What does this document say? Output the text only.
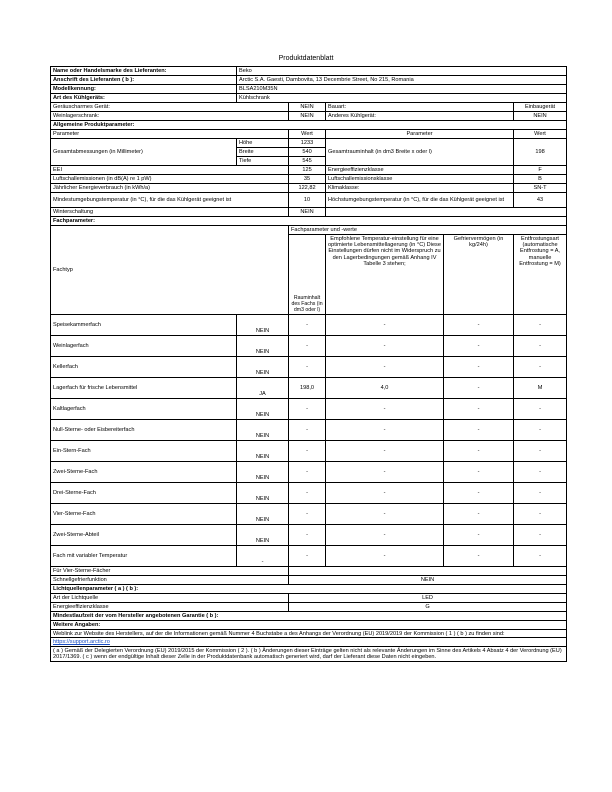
Produktdatenblatt
Name oder Handelsmarke des Lieferanten:	Beko				
Anschrift des Lieferanten ( b ):	Arctic S.A. Gaesti, Dambovita, 13 Decembrie Street, No 215, Romania				
Modellkennung:	BLSA210M35N				
Art des Kühlgeräts:	Kühlschrank				
Geräuscharmes Gerät:		NEIN	Bauart:		Einbaugerät
Weinlagerschrank:		NEIN	Anderes Kühlgerät:		NEIN
Allgemeine Produktparameter:					
Parameter		Wert	Parameter		Wert
Gesamtabmessungen (in Millimeter)	Höhe	1233	Gesamtrauminhalt (in dm3 Breite x oder l)		198
	Breite	540			
	Tiefe	545			
EEI		125	Energieeffizienzklasse		F
Luftschallemissionen (in dB(A) re 1 pW)		35	Luftschallemissionsklasse		B
Jährlicher Energieverbrauch (in kWh/a)		122,82	Klimaklasse:		SN-T
Mindestumgebungstemperatur (in °C), für die das Kühlgerät geeignet ist		10	Höchstumgebungstemperatur (in °C), für die das Kühlgerät geeignet ist		43
Winterschaltung		NEIN			
Fachparameter:					
Fachtyp		Fachparameter und -werte			
		Rauminhalt des Fachs (in dm3 oder l)	Empfohlene Temperatur-einstellung für eine optimierte Lebensmittellagerung (in °C) Diese Einstellungen dürfen nicht im Widerspruch zu den Lagerbedingungen gemäß Anhang IV Tabelle 3 stehen;	Gefriervermögen (in kg/24h)	Entfrostungsart (automatische Entfrostung = A, manuelle Entfrostung = M)
Speisekammerfach	NEIN	-	-	-	-
Weinlagerfach	NEIN	-	-	-	-
Kellerfach	NEIN	-	-	-	-
Lagerfach für frische Lebensmittel	JA	198,0	4,0	-	M
Kaltlagerfach	NEIN	-	-	-	-
Null-Sterne- oder Eisbereiterfach	NEIN	-	-	-	-
Ein-Stern-Fach	NEIN	-	-	-	-
Zwei-Sterne-Fach	NEIN	-	-	-	-
Drei-Sterne-Fach	NEIN	-	-	-	-
Vier-Sterne-Fach	NEIN	-	-	-	-
Zwei-Sterne-Abteil	NEIN	-	-	-	-
Fach mit variabler Temperatur	-	-	-	-	-
Für Vier-Sterne-Fächer					
Schnellgefrierfunktion		NEIN			
Lichtquellenparameter ( a ) ( b ):					
Art der Lichtquelle		LED			
Energieeffizienzklasse		G			
Mindestlaufzeit der vom Hersteller angebotenen Garantie ( b ):					
Weitere Angaben:					
Weblink zur Website des Herstellers, auf der die Informationen gemäß Nummer 4 Buchstabe a des Anhangs der Verordnung (EU) 2019/2019 der Kommission ( 1 ) ( b ) zu finden sind:					
https://support.arctic.ro					
( a ) Gemäß der Delegierten Verordnung (EU) 2019/2015 der Kommission ( 2 ). ( b ) Änderungen dieser Einträge gelten nicht als relevante Änderungen im Sinne des Artikels 4 Absatz 4 der Verordnung (EU) 2017/1369. ( c ) wenn der endgültige Inhalt dieser Zelle in der Produktdatenbank automatisch generiert wird, darf der Lieferant diese Daten nicht eingeben.					
